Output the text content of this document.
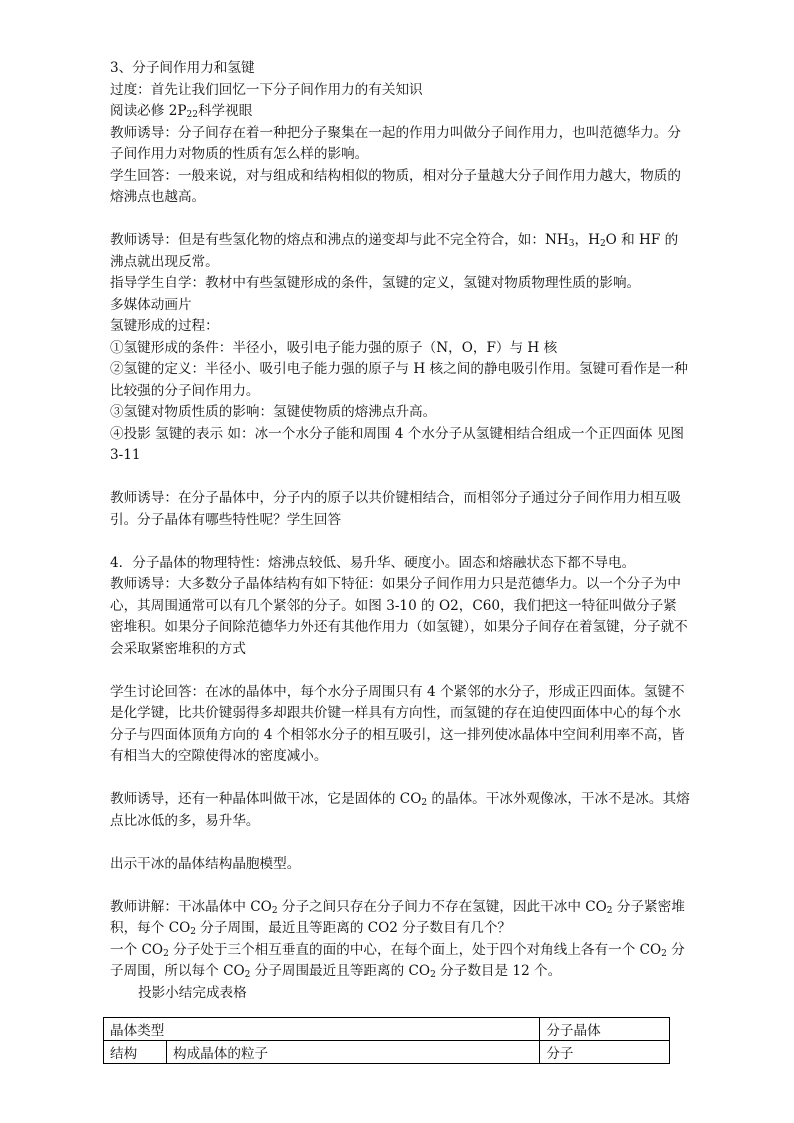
3、分子间作用力和氢键

过度：首先让我们回忆一下分子间作用力的有关知识

阅读必修 $2P_{22}$科学视眼

教师诱导：分子间存在着一种把分子聚集在一起的作用力叫做分子间作用力，也叫范德华力。分子间作用力对物质的性质有怎么样的影响。

学生回答：一般来说，对与组成和结构相似的物质，相对分子量越大分子间作用力越大，物质的熔沸点也越高。

教师诱导：但是有些氢化物的熔点和沸点的递变却与此不完全符合，如：$NH_3$，$H_2O$ 和 HF 的沸点就出现反常。

指导学生自学：教材中有些氢键形成的条件，氢键的定义，氢键对物质物理性质的影响。

多媒体动画片

氢键形成的过程：

①氢键形成的条件：半径小，吸引电子能力强的原子（N，O，F）与 H 核

②氢键的定义：半径小、吸引电子能力强的原子与 H 核之间的静电吸引作用。氢键可看作是一种比较强的分子间作用力。

③氢键对物质性质的影响：氢键使物质的熔沸点升高。

④投影 氢键的表示 如：冰一个水分子能和周围 4 个水分子从氢键相结合组成一个正四面体 见图 3-11

教师诱导：在分子晶体中，分子内的原子以共价键相结合，而相邻分子通过分子间作用力相互吸引。分子晶体有哪些特性呢？学生回答

4．分子晶体的物理特性：熔沸点较低、易升华、硬度小。固态和熔融状态下都不导电。

教师诱导：大多数分子晶体结构有如下特征：如果分子间作用力只是范德华力。以一个分子为中心，其周围通常可以有几个紧邻的分子。如图 3-10 的 O2，C60，我们把这一特征叫做分子紧密堆积。如果分子间除范德华力外还有其他作用力（如氢键），如果分子间存在着氢键，分子就不会采取紧密堆积的方式

学生讨论回答：在冰的晶体中，每个水分子周围只有 4 个紧邻的水分子，形成正四面体。氢键不是化学键，比共价键弱得多却跟共价键一样具有方向性，而氢键的存在迫使四面体中心的每个水分子与四面体顶角方向的 4 个相邻水分子的相互吸引，这一排列使冰晶体中空间利用率不高，皆有相当大的空隙使得冰的密度减小。

教师诱导，还有一种晶体叫做干冰，它是固体的 $CO_2$ 的晶体。干冰外观像冰，干冰不是冰。其熔点比冰低的多，易升华。

出示干冰的晶体结构晶胞模型。

教师讲解：干冰晶体中 $CO_2$ 分子之间只存在分子间力不存在氢键，因此干冰中 $CO_2$ 分子紧密堆积，每个 $CO_2$ 分子周围，最近且等距离的 CO2 分子数目有几个？

一个 $CO_2$ 分子处于三个相互垂直的面的中心，在每个面上，处于四个对角线上各有一个 $CO_2$ 分子周围，所以每个 $CO_2$ 分子周围最近且等距离的 $CO_2$ 分子数目是 12 个。

投影小结完成表格

晶体类型		分子晶体
结构	构成晶体的粒子	分子
